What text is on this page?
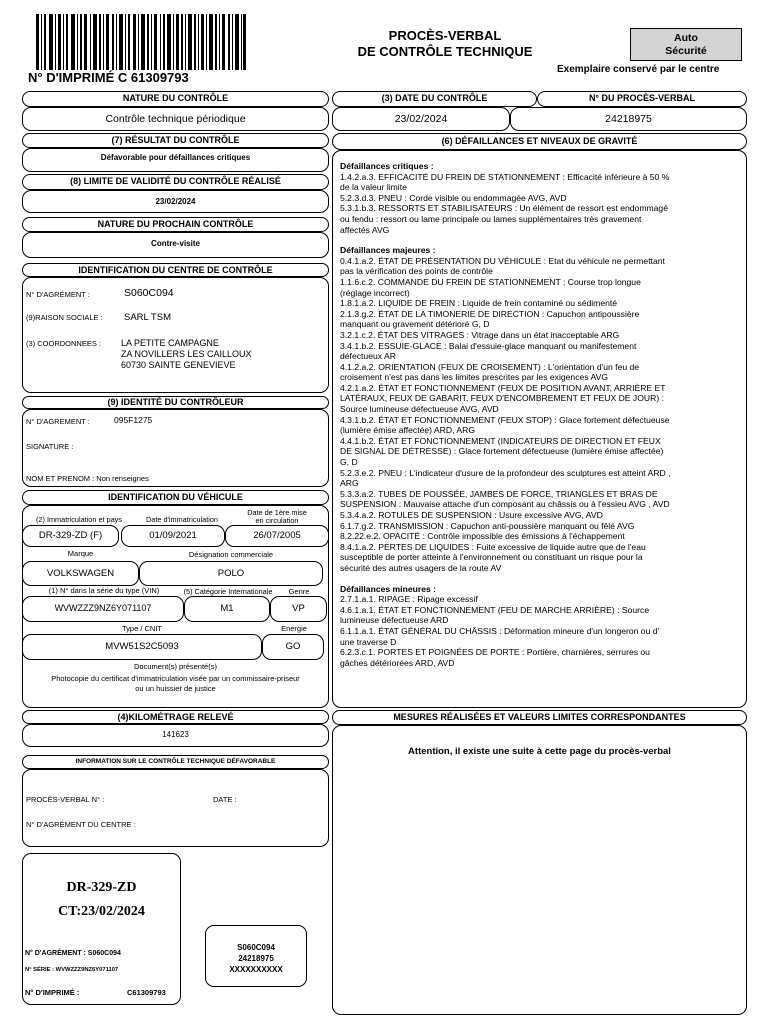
N° D'IMPRIMÉ C 61309793
PROCÈS-VERBAL
DE CONTRÔLE TECHNIQUE
Auto
Sécurité
Exemplaire conservé par le centre
NATURE DU CONTRÔLE
Contrôle technique périodique
(3) DATE DU CONTRÔLE
23/02/2024
N° DU PROCÈS-VERBAL
24218975
(7) RÉSULTAT DU CONTRÔLE
Défavorable pour défaillances critiques
(8) LIMITE DE VALIDITÉ DU CONTRÔLE RÉALISÉ
23/02/2024
NATURE DU PROCHAIN CONTRÔLE
Contre-visite
IDENTIFICATION DU CENTRE DE CONTRÔLE
N° D'AGRÉMENT :	S060C094
(9)RAISON SOCIALE : SARL TSM
(3) COORDONNEES : LA PETITE CAMPAGNE
ZA NOVILLERS LES CAILLOUX
60730 SAINTE GENEVIEVE
(9) IDENTITÉ DU CONTRÔLEUR
N° D'AGREMENT :	095F1275
SIGNATURE :
NOM ET PRENOM : Non renseignes
IDENTIFICATION DU VÉHICULE
(2) Immatriculation et pays	Date d'immatriculation
Date de 1ère mise
en circulation
DR-329-ZD (F)	01/09/2021	26/07/2005
Marque	Désignation commerciale
VOLKSWAGEN	POLO
(1) N° dans la série du type (VIN)	(5) Catégorie Internationale	Genre
WVWZZZ9NZ6Y071107	M1	VP
Type / CNIT	Energie
MVW51S2C5093	GO
Document(s) présenté(s)
Photocopie du certificat d'immatriculation visée par un commissaire-priseur
ou un huissier de justice
(4)KILOMÉTRAGE RELEVÉ
141623
INFORMATION SUR LE CONTRÔLE TECHNIQUE DÉFAVORABLE
PROCÈS-VERBAL N° :	DATE :
N° D'AGRÉMENT DU CENTRE :
DR-329-ZD
CT:23/02/2024
N° D'AGRÉMENT : S060C094
N° SÉRIE : WVWZZZ9NZ6Y071107
N° D'IMPRIMÉ :	C61309793
S060C094
24218975
XXXXXXXXXX
(6) DÉFAILLANCES ET NIVEAUX DE GRAVITÉ

Défaillances critiques :

1.4.2.a.3. EFFICACITÉ DU FREIN DE STATIONNEMENT : Efficacité inférieure à 50 %

de la valeur limite

5.2.3.d.3. PNEU : Corde visible ou endommagée AVG, AVD

5.3.1.b.3. RESSORTS ET STABILISATEURS : Un élément de ressort est endommagé

ou fendu : ressort ou lame principale ou lames supplémentaires très gravement

affectés AVG

Défaillances majeures :

0.4.1.a.2. ÉTAT DE PRÉSENTATION DU VÉHICULE : Etat du véhicule ne permettant

pas la vérification des points de contrôle

1.1.6.c.2. COMMANDE DU FREIN DE STATIONNEMENT : Course trop longue

(réglage incorrect)

1.8.1.a.2. LIQUIDE DE FREIN : Liquide de frein contaminé ou sédimenté

2.1.3.g.2. ÉTAT DE LA TIMONERIE DE DIRECTION : Capuchon antipoussière

manquant ou gravement détérioré G, D

3.2.1.c.2. ÉTAT DES VITRAGES : Vitrage dans un état inacceptable ARG

3.4.1.b.2. ESSUIE-GLACE : Balai d'essuie-glace manquant ou manifestement

défectueux AR

4.1.2.a.2. ORIENTATION (FEUX DE CROISEMENT) : L'orientation d'un feu de

croisement n'est pas dans les limites prescrites par les exigences AVG

4.2.1.a.2. ÉTAT ET FONCTIONNEMENT (FEUX DE POSITION AVANT, ARRIÈRE ET

LATÉRAUX, FEUX DE GABARIT, FEUX D'ENCOMBREMENT ET FEUX DE JOUR) :

Source lumineuse défectueuse AVG, AVD

4.3.1.b.2. ÉTAT ET FONCTIONNEMENT (FEUX STOP) : Glace fortement défectueuse

(lumière émise affectée) ARD, ARG

4.4.1.b.2. ÉTAT ET FONCTIONNEMENT (INDICATEURS DE DIRECTION ET FEUX

DE SIGNAL DE DÉTRESSE) : Glace fortement défectueuse (lumière émise affectée)

G, D

5.2.3.e.2. PNEU : L'indicateur d'usure de la profondeur des sculptures est atteint ARD ,

ARG

5.3.3.a.2. TUBES DE POUSSÉE, JAMBES DE FORCE, TRIANGLES ET BRAS DE

SUSPENSION : Mauvaise attache d'un composant au châssis ou à l'essieu AVG , AVD

5.3.4.a.2. ROTULES DE SUSPENSION : Usure excessive AVG, AVD

6.1.7.g.2. TRANSMISSION : Capuchon anti-poussière manquant ou fêlé AVG

8.2.22.e.2. OPACITÉ : Contrôle impossible des émissions à l'échappement

8.4.1.a.2. PERTES DE LIQUIDES : Fuite excessive de liquide autre que de l'eau

susceptible de porter atteinte à l'environnement ou constituant un risque pour la

sécurité des autres usagers de la route AV

Défaillances mineures :

2.7.1.a.1. RIPAGE : Ripage excessif

4.6.1.a.1. ÉTAT ET FONCTIONNEMENT (FEU DE MARCHE ARRIÈRE) : Source

lumineuse défectueuse ARD

6.1.1.a.1. ÉTAT GÉNÉRAL DU CHÂSSIS : Déformation mineure d'un longeron ou d'

une traverse D

6.2.3.c.1. PORTES ET POIGNÉES DE PORTE : Portière, charnières, serrures ou

gâches détériorées ARD, AVD

MESURES RÉALISÉES ET VALEURS LIMITES CORRESPONDANTES
Attention, il existe une suite à cette page du procès-verbal
